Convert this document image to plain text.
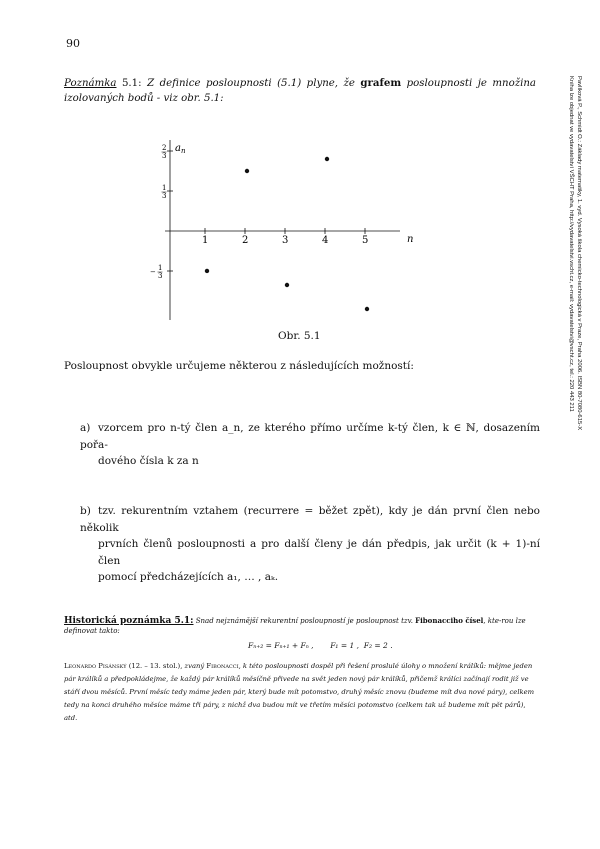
90
Poznámka 5.1: Z definice posloupnosti (5.1) plyne, že grafem posloupnosti je množina izolovaných bodů - viz obr. 5.1:
$a_n$
n
1	2	3	4	5
2 3
1 3
− 1 3
Obr. 5.1
Posloupnost obvykle určujeme některou z následujících možností:
a) vzorcem pro n-tý člen a_n, ze kterého přímo určíme k-tý člen, k ∈ ℕ, dosazením pořa-
dového čísla k za n
b) tzv. rekurentním vztahem (recurrere = běžet zpět), kdy je dán první člen nebo několik
prvních členů posloupnosti a pro další členy je dán předpis, jak určit (k + 1)-ní člen
pomocí předcházejících a₁, … , aₖ.
Historická poznámka 5.1: Snad nejznámější rekurentní posloupností je posloupnost tzv. Fibonacciho čísel, kte-rou lze definovat takto:
Fₙ₊₂ = Fₙ₊₁ + Fₙ ,       F₁ = 1 ,  F₂ = 2 .
Leonardo Pisánský (12. – 13. stol.), zvaný Fibonacci, k této posloupnosti dospěl při řešení proslulé úlohy o množení králíků: mějme jeden pár králíků a předpokládejme, že každý pár králíků měsíčně přivede na svět jeden nový pár králíků, přičemž králíci začínají rodit již ve stáří dvou měsíců. První měsíc tedy máme jeden pár, který bude mít potomstvo, druhý měsíc znovu (budeme mít dva nové páry), celkem tedy na konci druhého měsíce máme tři páry, z nichž dva budou mít ve třetím měsíci potomstvo (celkem tak už budeme mít pět párů), atd.
Pavlíková P., Schmidt O.: Základy matematiky, 1. vyd. Vysoká škola chemicko-technologická v Praze, Praha 2006. ISBN 80-7080-615-X
Kniha lze objednat ve vydavatelství VŠCHT Praha, http://vydavatelstvi.vscht.cz, e-mail: vydavatelstvi@vscht.cz, tel.: 220 443 211
